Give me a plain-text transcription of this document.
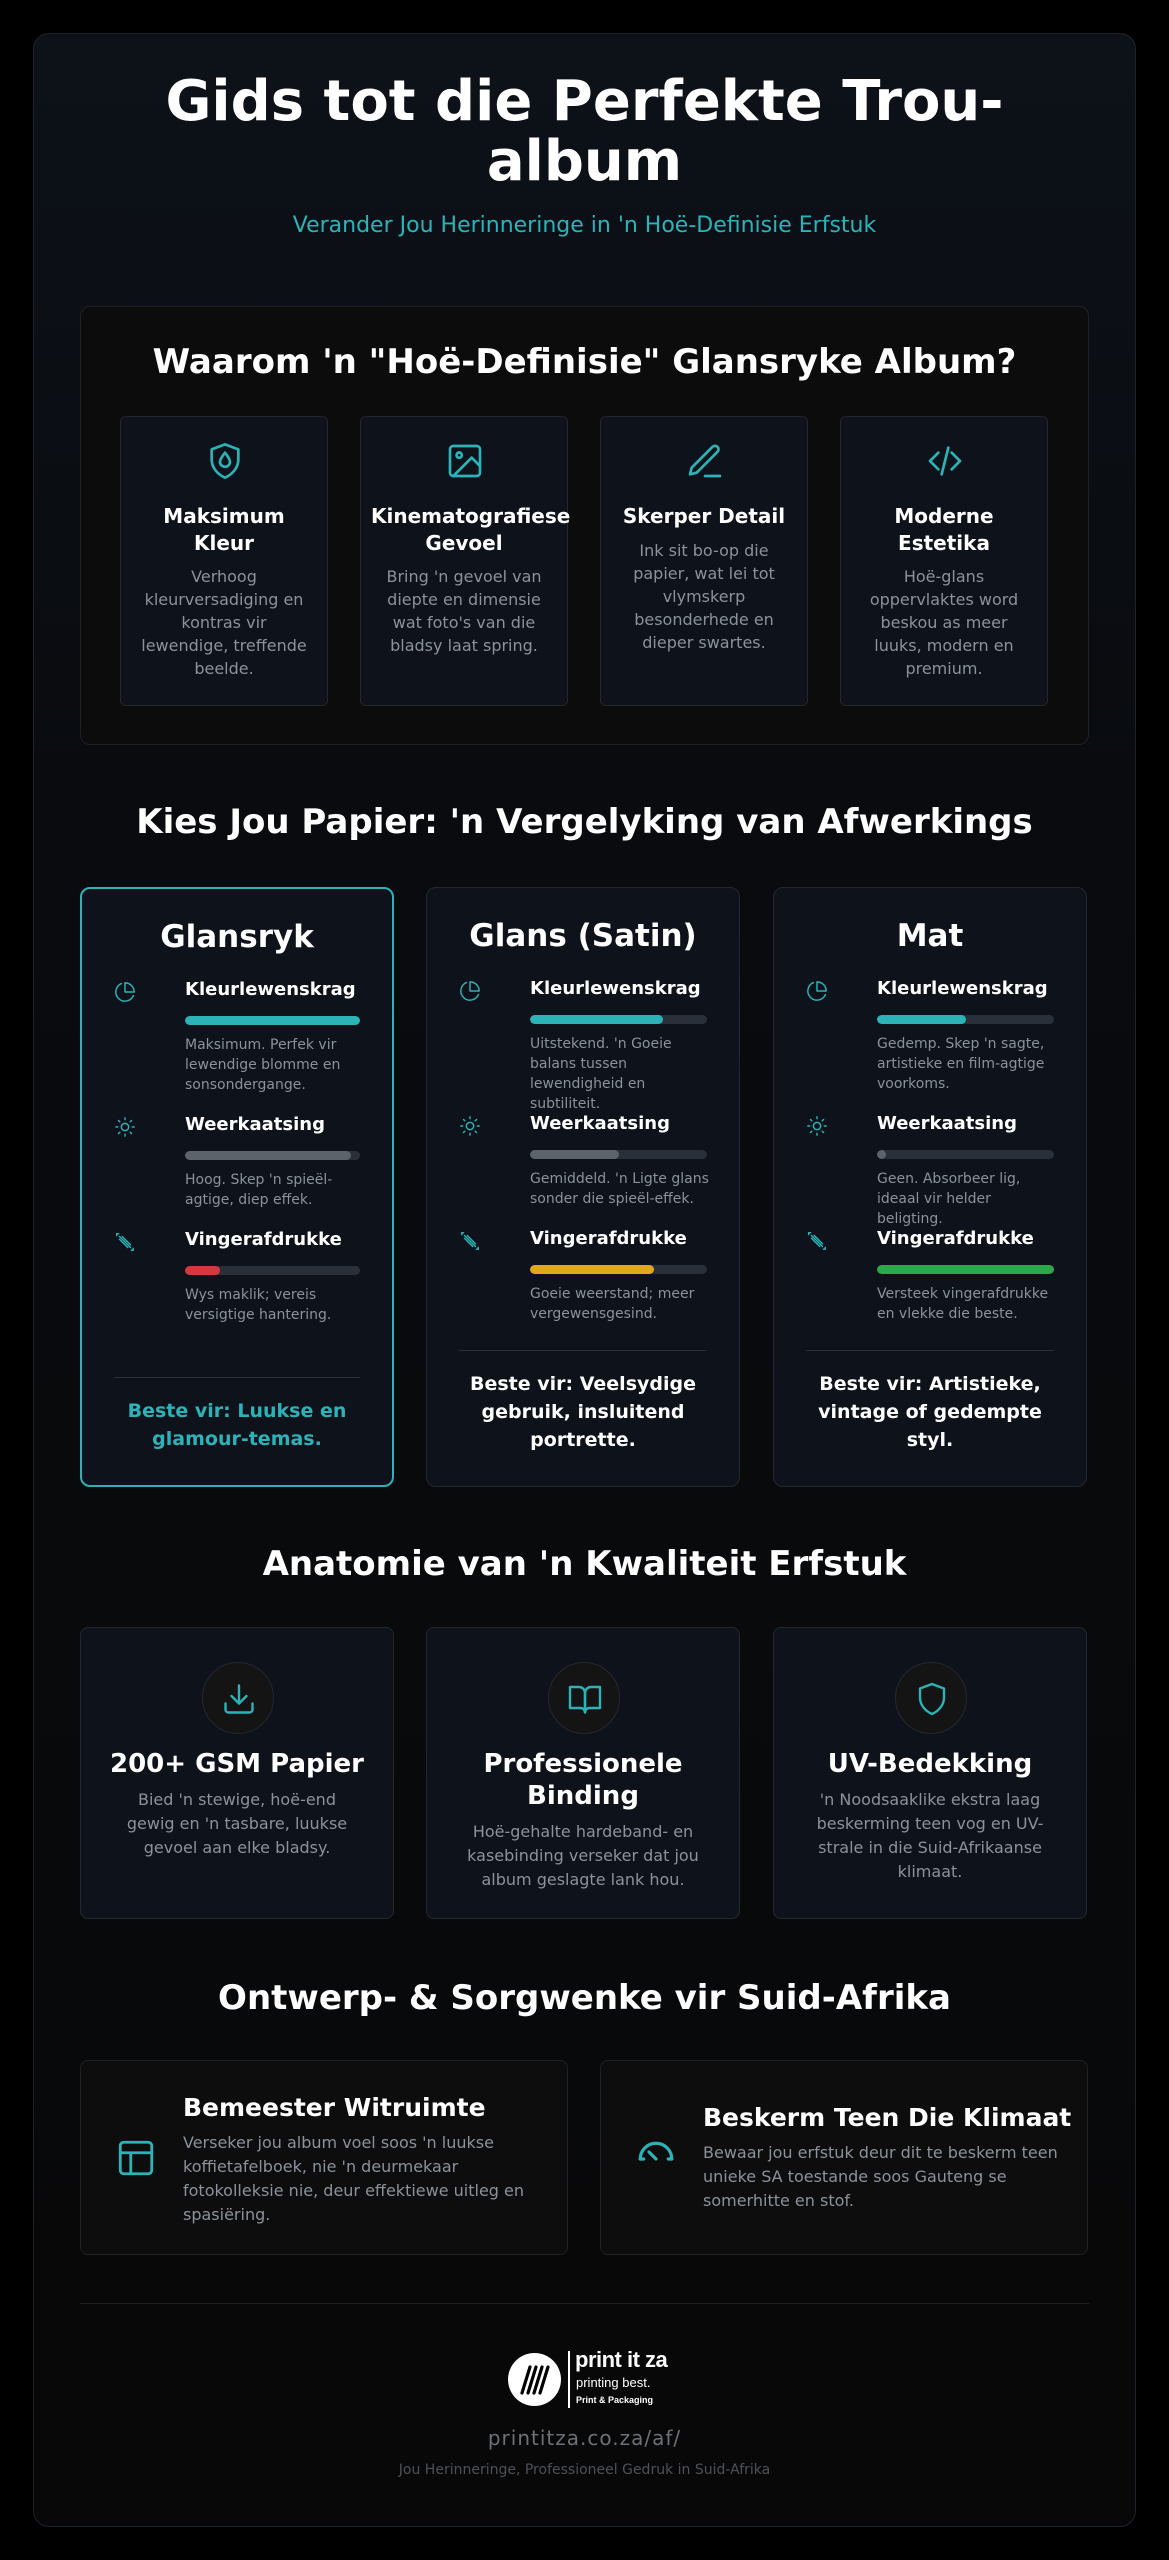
Gids tot die Perfekte Trou-album
Verander Jou Herinneringe in 'n Hoë-Definisie Erfstuk
Waarom 'n "Hoë-Definisie" Glansryke Album?
Maksimum Kleur
Verhoog kleurversadiging en kontras vir lewendige, treffende beelde.
Kinematografiese Gevoel
Bring 'n gevoel van diepte en dimensie wat foto's van die bladsy laat spring.
Skerper Detail
Ink sit bo-op die papier, wat lei tot vlymskerp besonderhede en dieper swartes.
Moderne Estetika
Hoë-glans oppervlaktes word beskou as meer luuks, modern en premium.
Kies Jou Papier: 'n Vergelyking van Afwerkings
Glansryk
Kleurlewenskrag
Maksimum. Perfek vir lewendige blomme en sonsondergange.
Weerkaatsing
Hoog. Skep 'n spieël-agtige, diep effek.
Vingerafdrukke
Wys maklik; vereis versigtige hantering.
Beste vir: Luukse en glamour-temas.
Glans (Satin)
Kleurlewenskrag
Uitstekend. 'n Goeie balans tussen lewendigheid en subtiliteit.
Weerkaatsing
Gemiddeld. 'n Ligte glans sonder die spieël-effek.
Vingerafdrukke
Goeie weerstand; meer vergewensgesind.
Beste vir: Veelsydige gebruik, insluitend portrette.
Mat
Kleurlewenskrag
Gedemp. Skep 'n sagte, artistieke en film-agtige voorkoms.
Weerkaatsing
Geen. Absorbeer lig, ideaal vir helder beligting.
Vingerafdrukke
Versteek vingerafdrukke en vlekke die beste.
Beste vir: Artistieke, vintage of gedempte styl.
Anatomie van 'n Kwaliteit Erfstuk
200+ GSM Papier
Bied 'n stewige, hoë-end gewig en 'n tasbare, luukse gevoel aan elke bladsy.
Professionele Binding
Hoë-gehalte hardeband- en kasebinding verseker dat jou album geslagte lank hou.
UV-Bedekking
'n Noodsaaklike ekstra laag beskerming teen vog en UV-strale in die Suid-Afrikaanse klimaat.
Ontwerp- & Sorgwenke vir Suid-Afrika
Bemeester Witruimte
Verseker jou album voel soos 'n luukse koffietafelboek, nie 'n deurmekaar fotokolleksie nie, deur effektiewe uitleg en spasiëring.
Beskerm Teen Die Klimaat
Bewaar jou erfstuk deur dit te beskerm teen unieke SA toestande soos Gauteng se somerhitte en stof.
print it za
printing best.
Print & Packaging
printitza.co.za/af/
Jou Herinneringe, Professioneel Gedruk in Suid-Afrika
